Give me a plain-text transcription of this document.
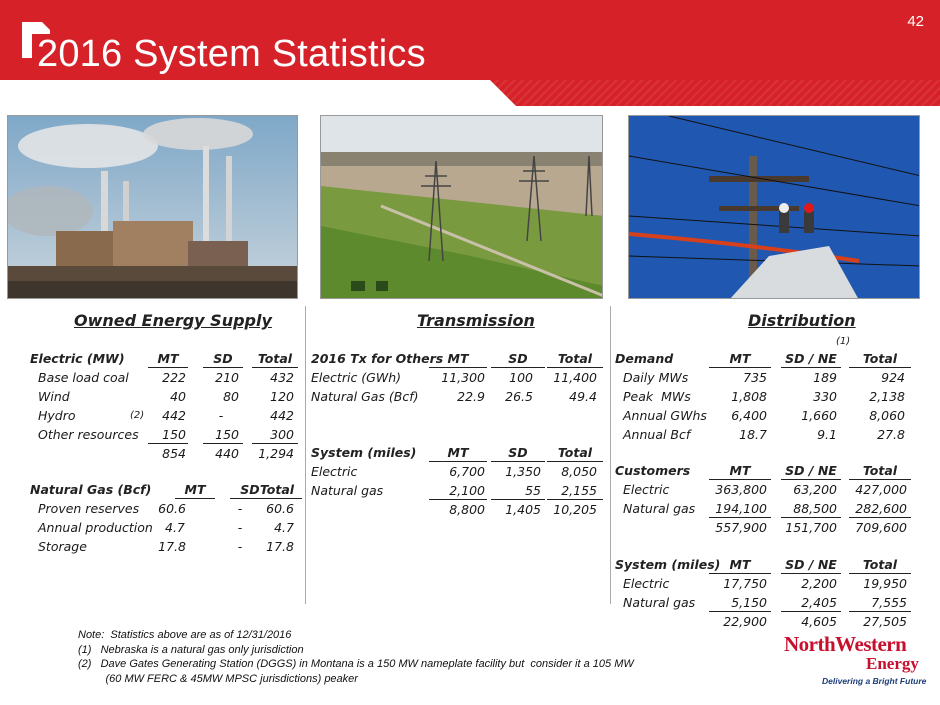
2016 System Statistics
42
Owned Energy Supply	Transmission	Distribution
(1)
Electric (MW)	MT	SD	Total
Base load coal	222	210	432
Wind	40	80	120
Hydro	(2)	442	-	442
Other resources	150	150	300
854	440	1,294
Natural Gas (Bcf)	MT	SD Total
Proven reserves	60.6	-	60.6
Annual production 4.7	-	4.7
Storage	17.8	-	17.8
2016 Tx for Others MT	SD	Total
Electric (GWh)	11,300	100	11,400
Natural Gas (Bcf)	22.9	26.5	49.4
System (miles)	MT	SD	Total
Electric	6,700	1,350	8,050
Natural gas	2,100	55	2,155
8,800	1,405 10,205
Demand	MT	SD / NE	Total
Daily MWs	735	189	924
Peak  MWs	1,808	330	2,138
Annual GWhs	6,400	1,660	8,060
Annual Bcf	18.7	9.1	27.8
Customers	MT	SD / NE	Total
Electric	363,800	63,200	427,000
Natural gas	194,100	88,500	282,600
557,900	151,700	709,600
System (miles) MT	SD / NE	Total
Electric	17,750	2,200	19,950
Natural gas	5,150	2,405	7,555
22,900	4,605	27,505
Note:  Statistics above are as of 12/31/2016
(1)   Nebraska is a natural gas only jurisdiction
(2)   Dave Gates Generating Station (DGGS) in Montana is a 150 MW nameplate facility but  consider it a 105 MW
(60 MW FERC & 45MW MPSC jurisdictions) peaker
NorthWestern
Energy
Delivering a Bright Future
